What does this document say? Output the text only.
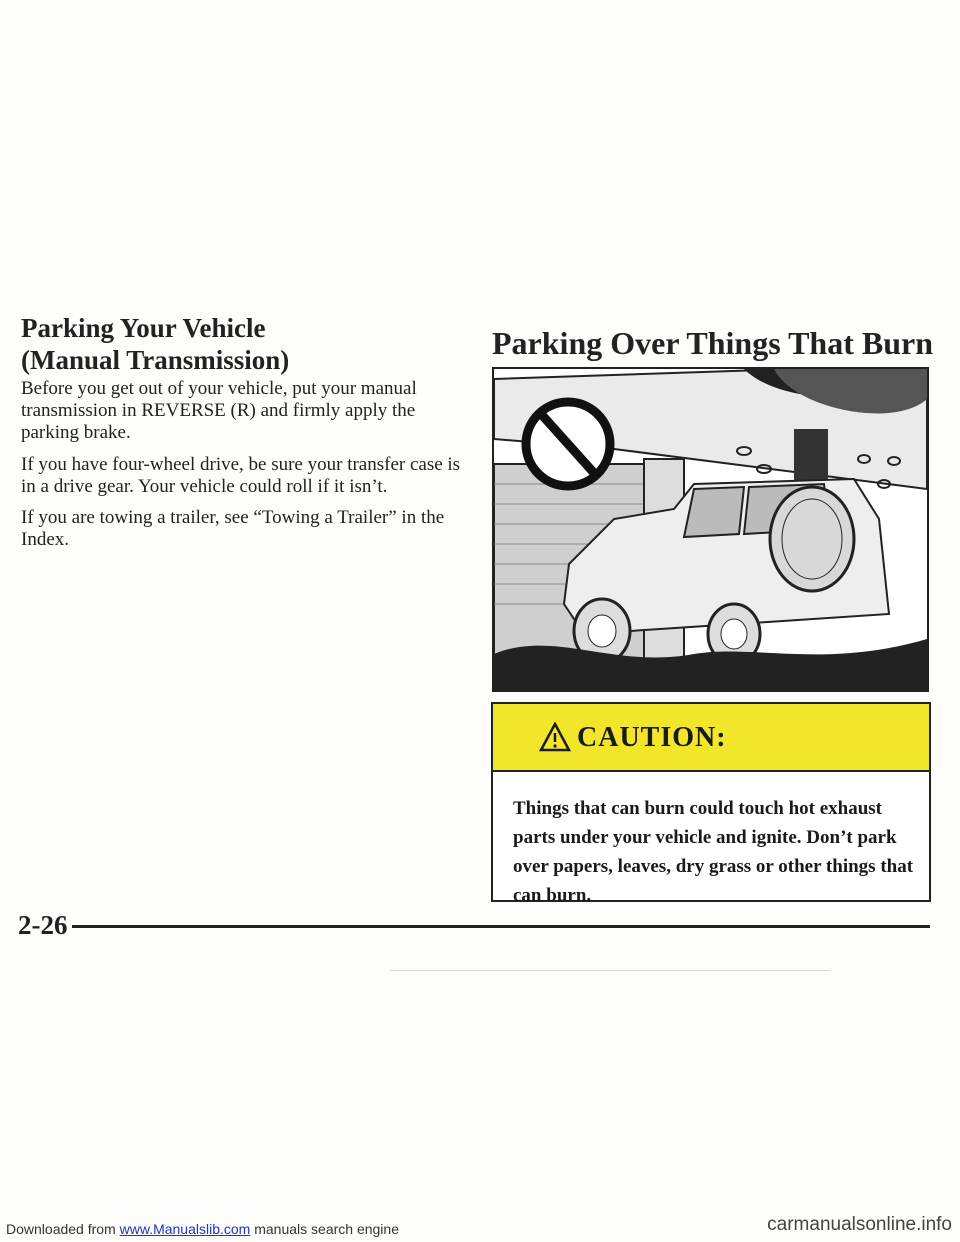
Parking Your Vehicle
(Manual Transmission)
Before you get out of your vehicle, put your manual transmission in REVERSE (R) and firmly apply the parking brake.
If you have four-wheel drive, be sure your transfer case is in a drive gear. Your vehicle could roll if it isn’t.
If you are towing a trailer, see “Towing a Trailer” in the Index.
Parking Over Things That Burn
CAUTION:
Things that can burn could touch hot exhaust parts under your vehicle and ignite. Don’t park over papers, leaves, dry grass or other things that can burn.
2-26
Downloaded from www.Manualslib.com manuals search engine	carmanualsonline.info
